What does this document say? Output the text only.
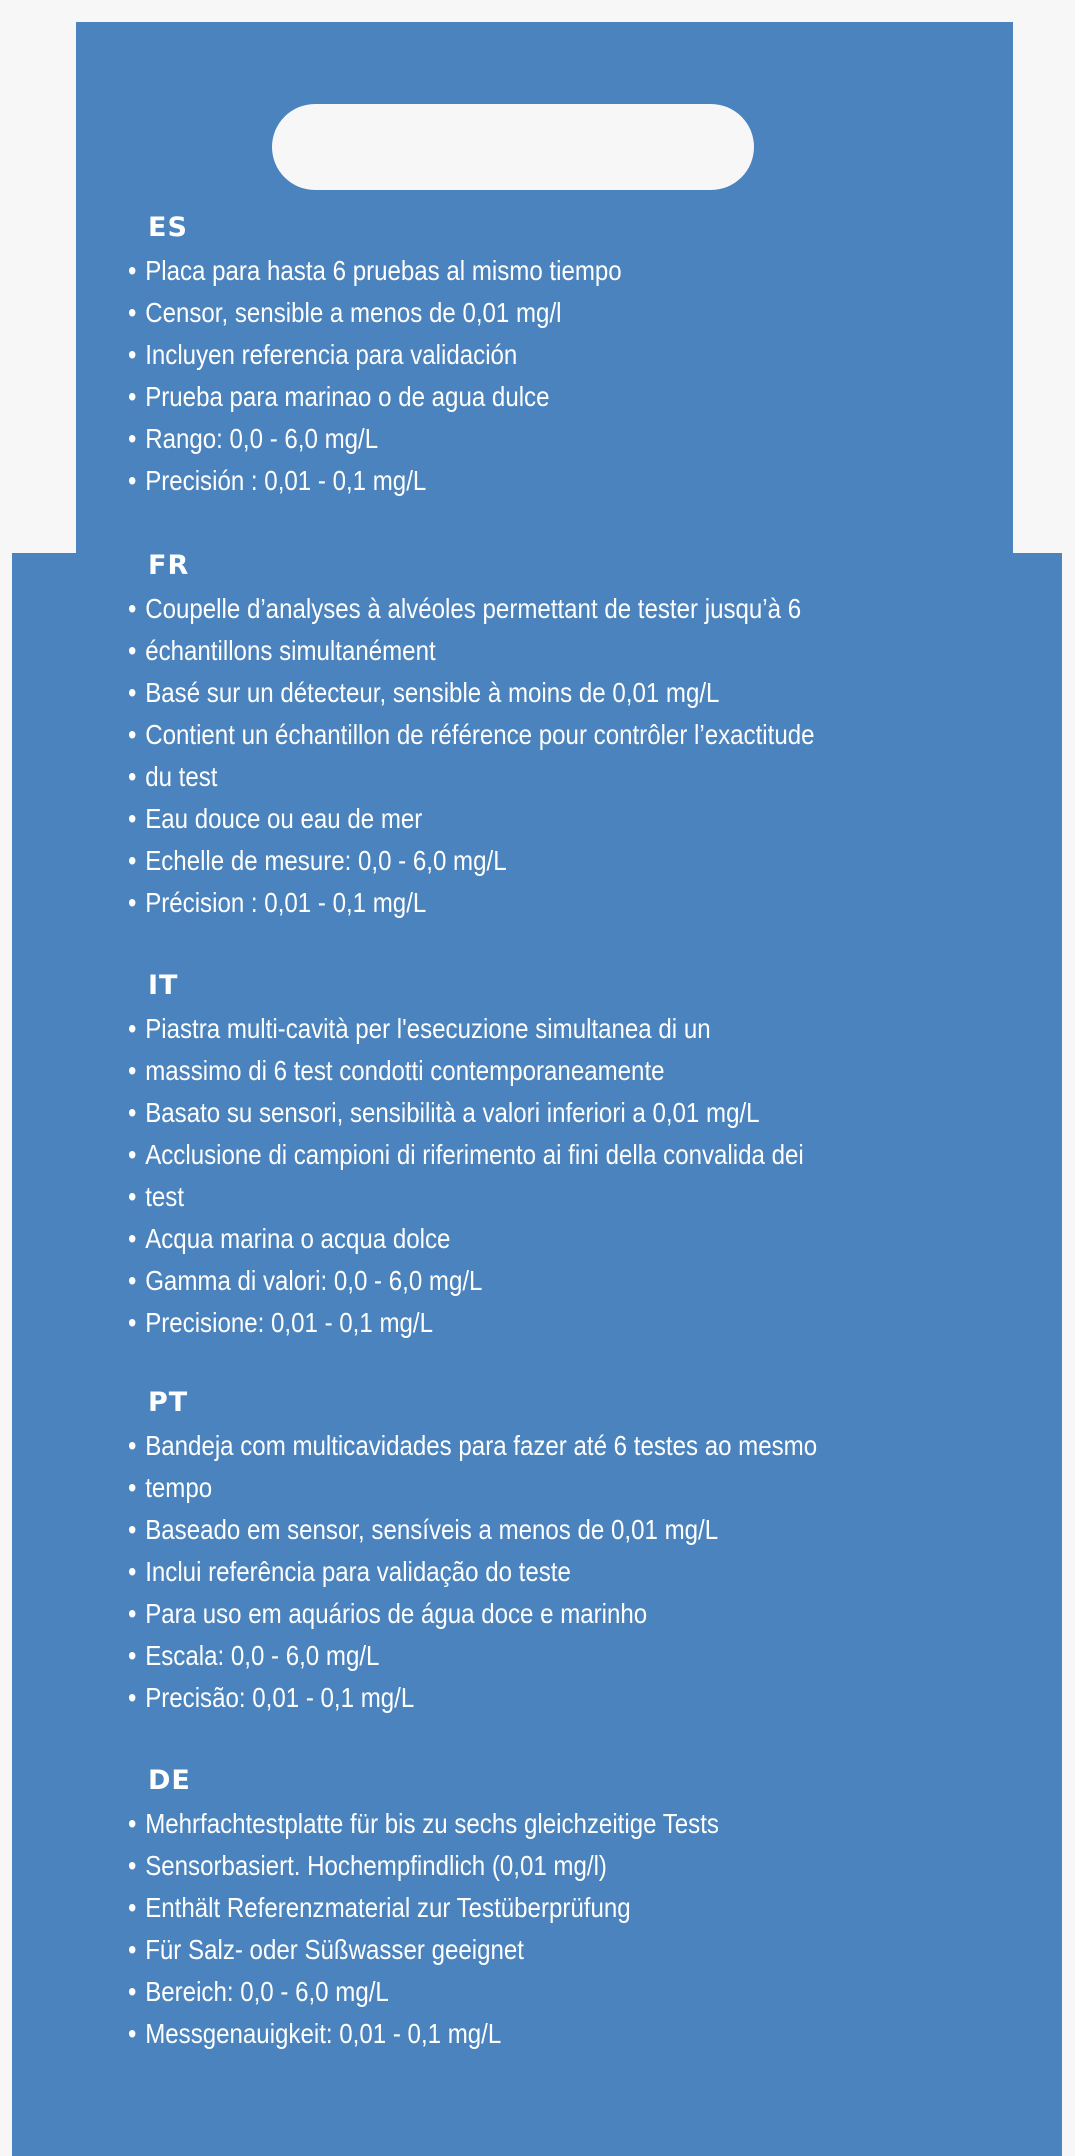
ES
• Placa para hasta 6 pruebas al mismo tiempo
• Censor, sensible a menos de 0,01 mg/l
• Incluyen referencia para validación
• Prueba para marinao o de agua dulce
• Rango: 0,0 - 6,0 mg/L
• Precisión : 0,01 - 0,1 mg/L
FR
• Coupelle d’analyses à alvéoles permettant de tester jusqu’à 6
• échantillons simultanément
• Basé sur un détecteur, sensible à moins de 0,01 mg/L
• Contient un échantillon de référence pour contrôler l’exactitude
• du test
• Eau douce ou eau de mer
• Echelle de mesure: 0,0 - 6,0 mg/L
• Précision : 0,01 - 0,1 mg/L
IT
• Piastra multi-cavità per l'esecuzione simultanea di un
• massimo di 6 test condotti contemporaneamente
• Basato su sensori, sensibilità a valori inferiori a 0,01 mg/L
• Acclusione di campioni di riferimento ai fini della convalida dei
• test
• Acqua marina o acqua dolce
• Gamma di valori: 0,0 - 6,0 mg/L
• Precisione: 0,01 - 0,1 mg/L
PT
• Bandeja com multicavidades para fazer até 6 testes ao mesmo
• tempo
• Baseado em sensor, sensíveis a menos de 0,01 mg/L
• Inclui referência para validação do teste
• Para uso em aquários de água doce e marinho
• Escala: 0,0 - 6,0 mg/L
• Precisão: 0,01 - 0,1 mg/L
DE
• Mehrfachtestplatte für bis zu sechs gleichzeitige Tests
• Sensorbasiert. Hochempfindlich (0,01 mg/l)
• Enthält Referenzmaterial zur Testüberprüfung
• Für Salz- oder Süßwasser geeignet
• Bereich: 0,0 - 6,0 mg/L
• Messgenauigkeit: 0,01 - 0,1 mg/L
